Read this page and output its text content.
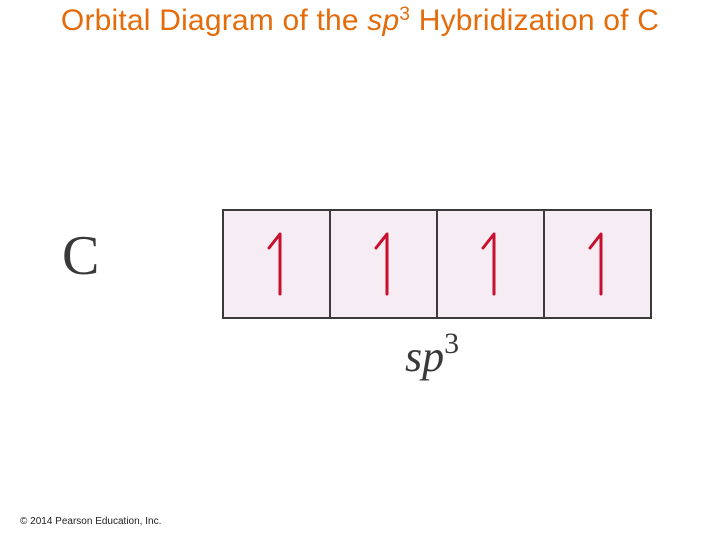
Orbital Diagram of the $sp^3$ Hybridization of C
C
$sp^3$
© 2014 Pearson Education, Inc.
